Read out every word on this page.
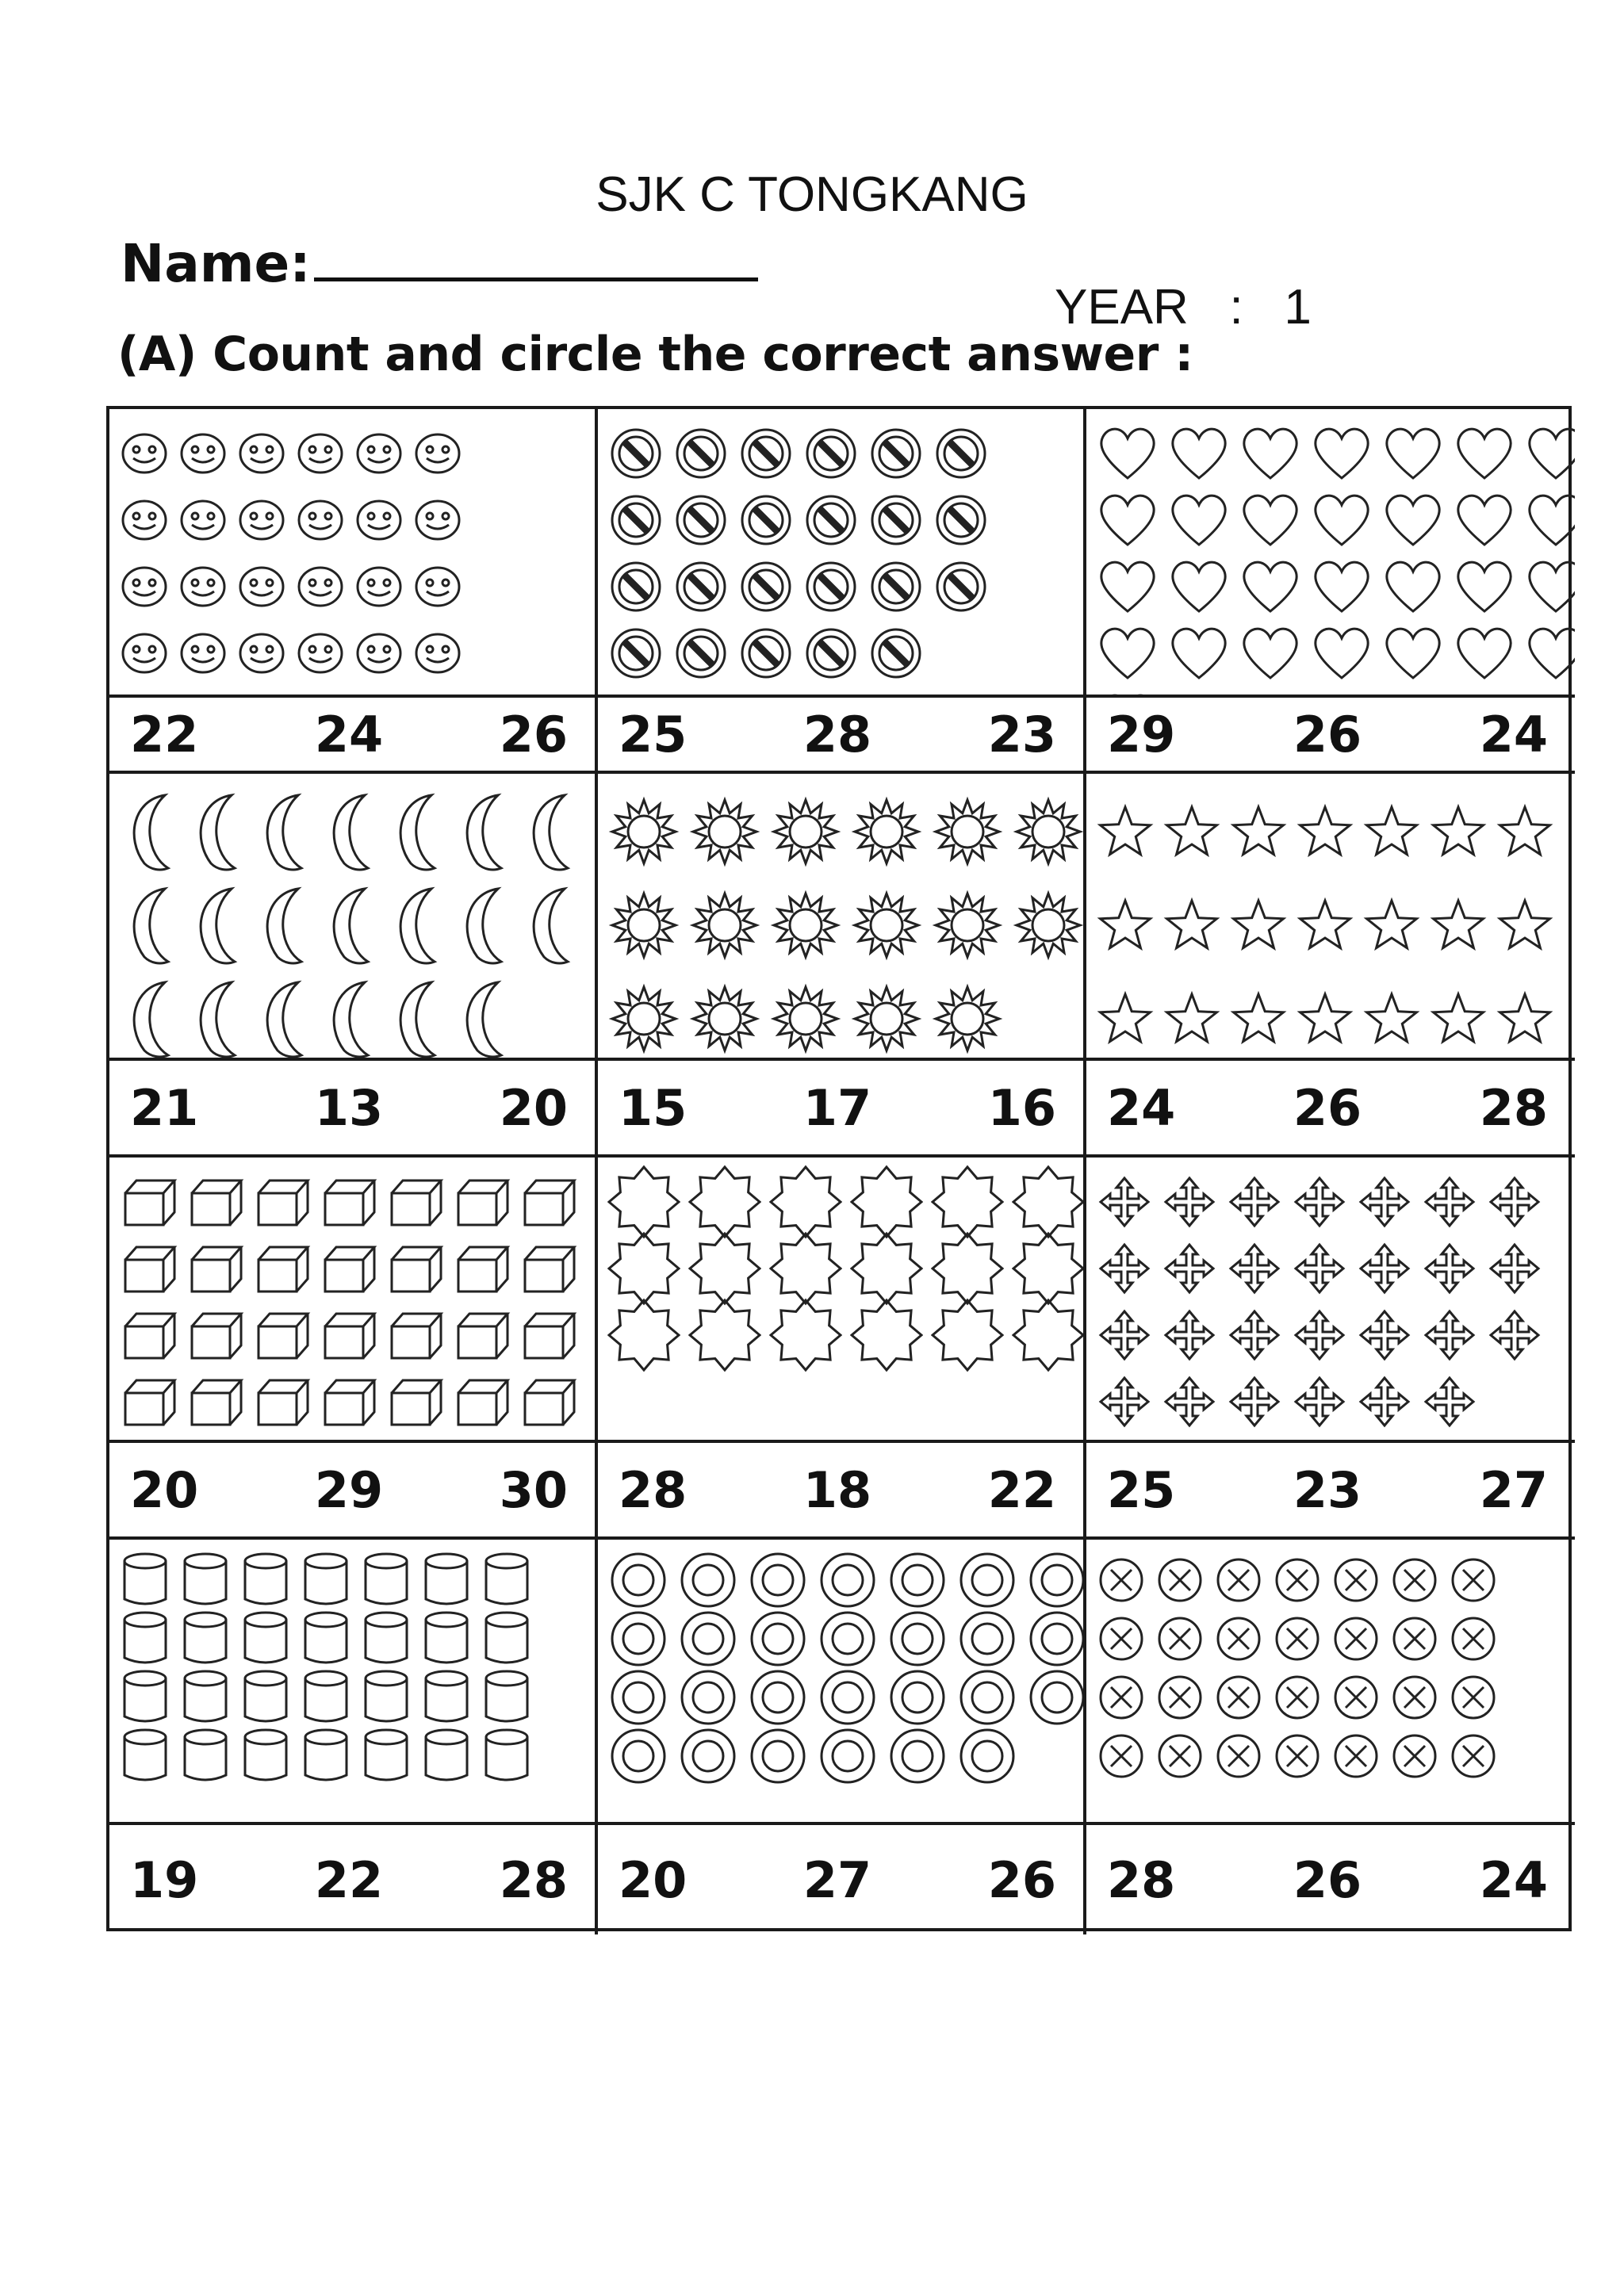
SJK C TONGKANG
Name:
YEAR   :   1
(A) Count and circle the correct answer :
22 24 26 25 28 23 29 26 24
21 13 20 15 17 16 24 26 28
20 29 30 28 18 22 25 23 27
19 22 28 20 27 26 28 26 24
